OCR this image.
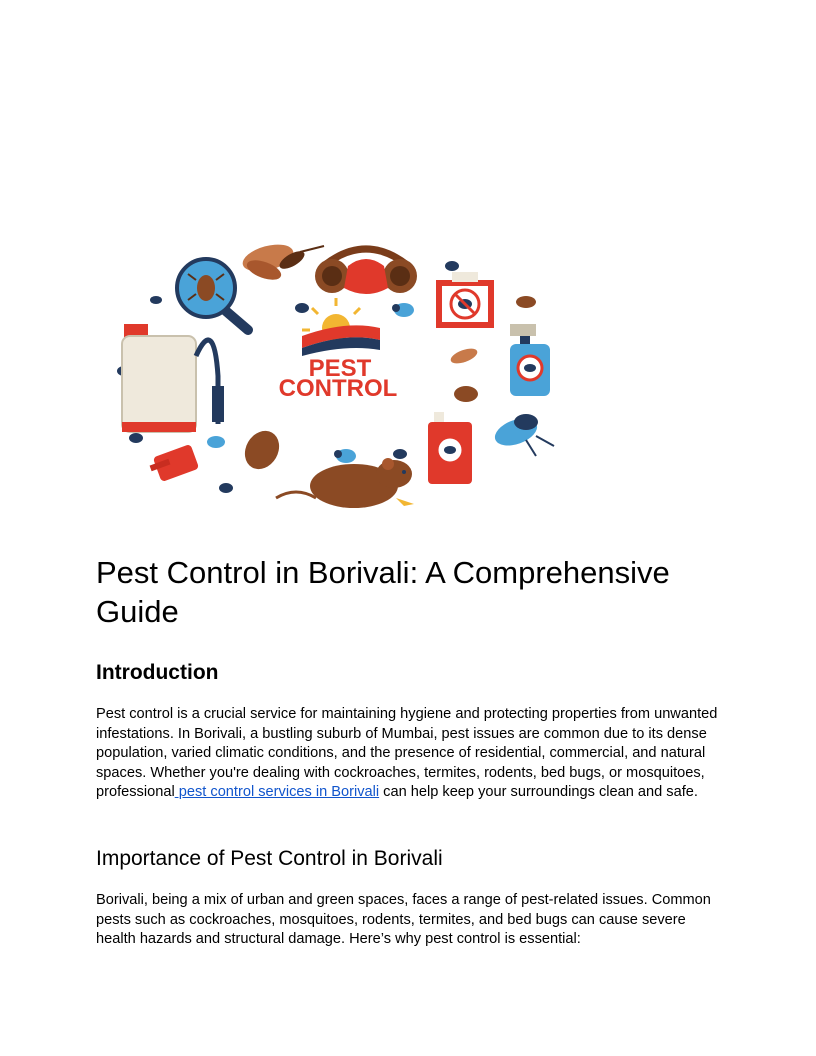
PEST
CONTROL
Pest Control in Borivali: A Comprehensive Guide
Introduction

Pest control is a crucial service for maintaining hygiene and protecting properties from unwanted infestations. In Borivali, a bustling suburb of Mumbai, pest issues are common due to its dense population, varied climatic conditions, and the presence of residential, commercial, and natural spaces. Whether you're dealing with cockroaches, termites, rodents, bed bugs, or mosquitoes, professional pest control services in Borivali can help keep your surroundings clean and safe.

Importance of Pest Control in Borivali

Borivali, being a mix of urban and green spaces, faces a range of pest-related issues. Common pests such as cockroaches, mosquitoes, rodents, termites, and bed bugs can cause severe health hazards and structural damage. Here’s why pest control is essential:
